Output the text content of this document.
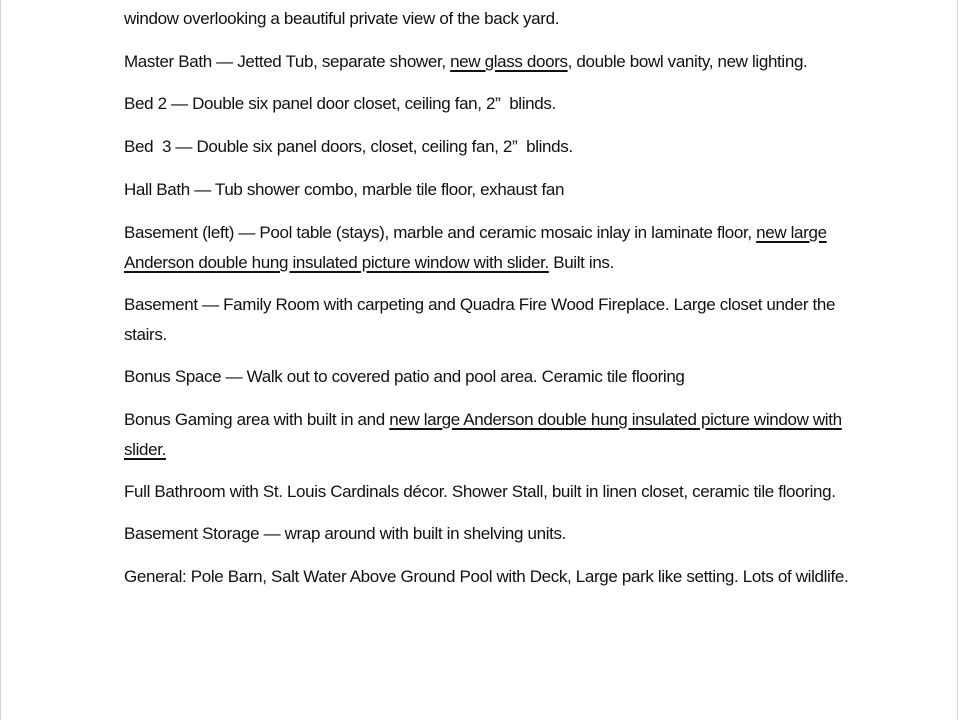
window overlooking a beautiful private view of the back yard.

Master Bath — Jetted Tub, separate shower, new glass doors, double bowl vanity, new lighting.

Bed 2 — Double six panel door closet, ceiling fan, 2”  blinds.

Bed  3 — Double six panel doors, closet, ceiling fan, 2”  blinds.

Hall Bath — Tub shower combo, marble tile floor, exhaust fan

Basement (left) — Pool table (stays), marble and ceramic mosaic inlay in laminate floor, new large Anderson double hung insulated picture window with slider. Built ins.

Basement — Family Room with carpeting and Quadra Fire Wood Fireplace. Large closet under the stairs.

Bonus Space — Walk out to covered patio and pool area. Ceramic tile flooring

Bonus Gaming area with built in and new large Anderson double hung insulated picture window with slider.

Full Bathroom with St. Louis Cardinals décor. Shower Stall, built in linen closet, ceramic tile flooring.

Basement Storage — wrap around with built in shelving units.

General: Pole Barn, Salt Water Above Ground Pool with Deck, Large park like setting. Lots of wildlife.
